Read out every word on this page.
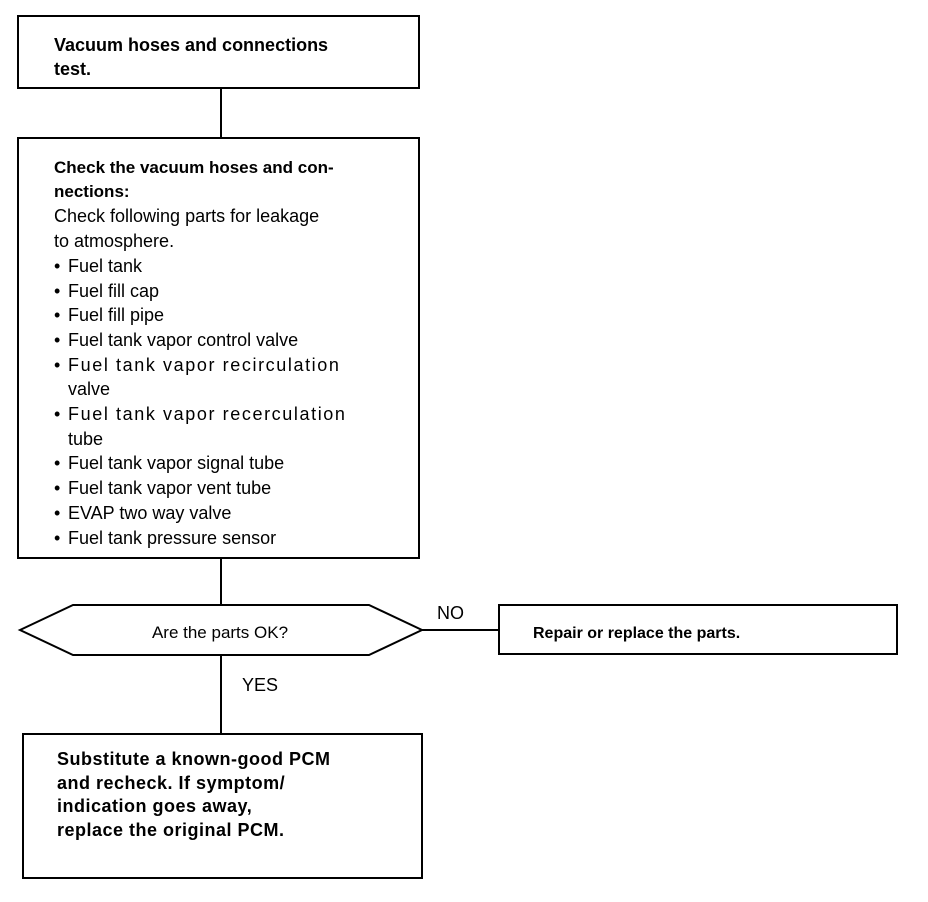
Vacuum hoses and connections
test.
Check the vacuum hoses and con-
nections:
Check following parts for leakage
to atmosphere.
• Fuel tank
• Fuel fill cap
• Fuel fill pipe
• Fuel tank vapor control valve
• Fuel tank vapor recirculation
valve
• Fuel tank vapor recerculation
tube
• Fuel tank vapor signal tube
• Fuel tank vapor vent tube
• EVAP two way valve
• Fuel tank pressure sensor
Are the parts OK?
NO
YES
Repair or replace the parts.
Substitute a known-good PCM
and recheck. If symptom/
indication goes away,
replace the original PCM.
